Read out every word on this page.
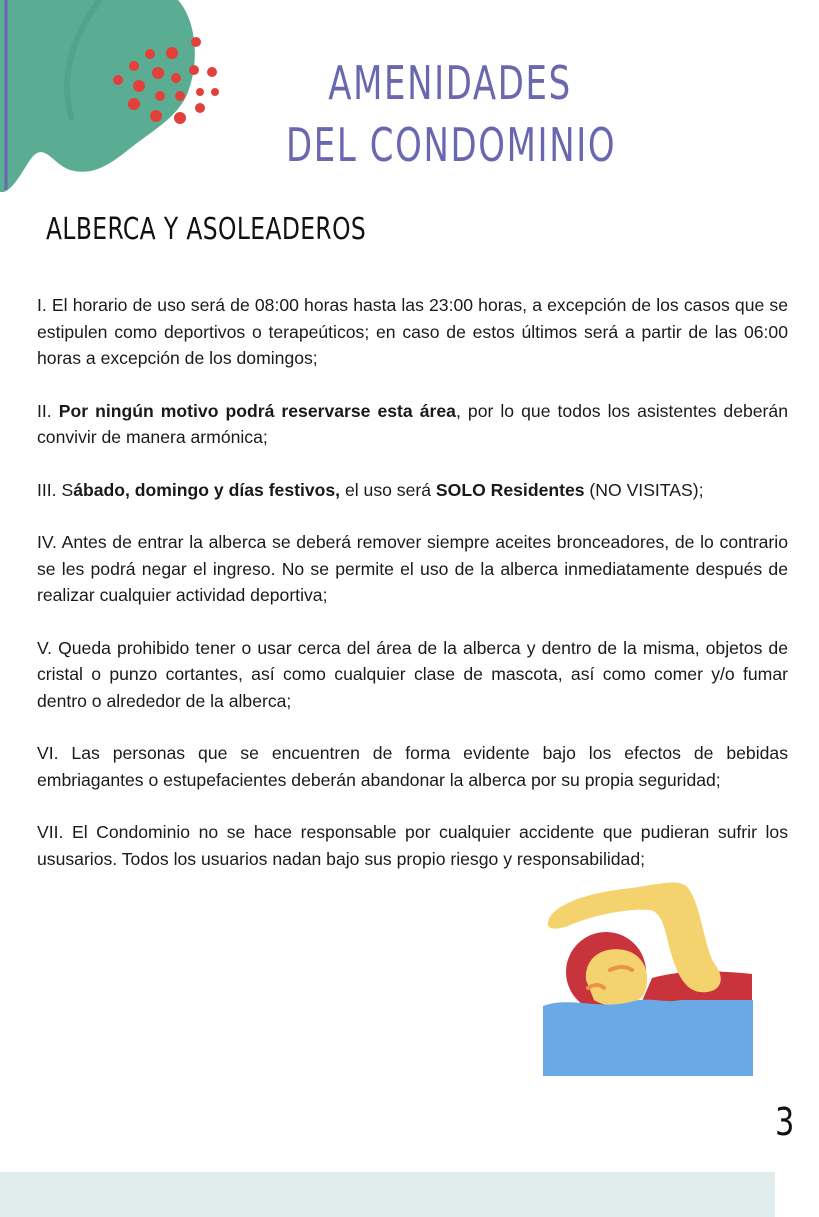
AMENIDADES
DEL CONDOMINIO
ALBERCA Y ASOLEADEROS

I. El horario de uso será de 08:00 horas hasta las 23:00 horas, a excepción de los casos que se estipulen como deportivos o terapeúticos; en caso de estos últimos será a partir de las 06:00 horas a excepción de los domingos;

II. Por ningún motivo podrá reservarse esta área, por lo que todos los asistentes deberán convivir de manera armónica;

III. Sábado, domingo y días festivos, el uso será SOLO Residentes (NO VISITAS);

IV. Antes de entrar la alberca se deberá remover siempre aceites bronceadores, de lo contrario se les podrá negar el ingreso. No se permite el uso de la alberca inmediatamente después de realizar cualquier actividad deportiva;

V. Queda prohibido tener o usar cerca del área de la alberca y dentro de la misma, objetos de cristal o punzo cortantes, así como cualquier clase de mascota, así como comer y/o fumar dentro o alrededor de la alberca;

VI. Las personas que se encuentren de forma evidente bajo los efectos de bebidas embriagantes o estupefacientes deberán abandonar la alberca por su propia seguridad;

VII. El Condominio no se hace responsable por cualquier accidente que pudieran sufrir los ususarios. Todos los usuarios nadan bajo sus propio riesgo y responsabilidad;

3
